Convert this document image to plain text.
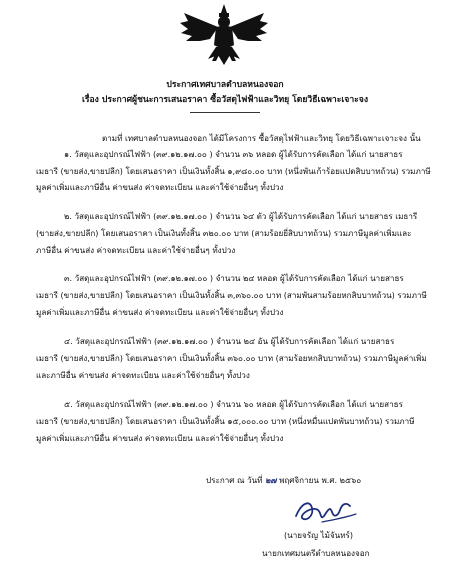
ประกาศเทศบาลตำบลหนองจอก
เรื่อง ประกาศผู้ชนะการเสนอราคา ซื้อวัสดุไฟฟ้าและวิทยุ โดยวิธีเฉพาะเจาะจง
ตามที่ เทศบาลตำบลหนองจอก ได้มีโครงการ ซื้อวัสดุไฟฟ้าและวิทยุ โดยวิธีเฉพาะเจาะจง นั้น
๑. วัสดุและอุปกรณ์ไฟฟ้า (๓๙.๑๒.๑๗.๐๐ ) จำนวน ๓๖ หลอด ผู้ได้รับการคัดเลือก ได้แก่ นายสาธร
เมธารี (ขายส่ง,ขายปลีก) โดยเสนอราคา เป็นเงินทั้งสิ้น ๑,๙๘๐.๐๐ บาท (หนึ่งพันเก้าร้อยแปดสิบบาทถ้วน) รวมภาษี
มูลค่าเพิ่มและภาษีอื่น ค่าขนส่ง ค่าจดทะเบียน และค่าใช้จ่ายอื่นๆ ทั้งปวง
๒. วัสดุและอุปกรณ์ไฟฟ้า (๓๙.๑๒.๑๗.๐๐ ) จำนวน ๖๔ ตัว ผู้ได้รับการคัดเลือก ได้แก่ นายสาธร เมธารี
(ขายส่ง,ขายปลีก) โดยเสนอราคา เป็นเงินทั้งสิ้น ๓๒๐.๐๐ บาท (สามร้อยยี่สิบบาทถ้วน) รวมภาษีมูลค่าเพิ่มและ
ภาษีอื่น ค่าขนส่ง ค่าจดทะเบียน และค่าใช้จ่ายอื่นๆ ทั้งปวง
๓. วัสดุและอุปกรณ์ไฟฟ้า (๓๙.๑๒.๑๗.๐๐ ) จำนวน ๒๔ หลอด ผู้ได้รับการคัดเลือก ได้แก่ นายสาธร
เมธารี (ขายส่ง,ขายปลีก) โดยเสนอราคา เป็นเงินทั้งสิ้น ๓,๓๖๐.๐๐ บาท (สามพันสามร้อยหกสิบบาทถ้วน) รวมภาษี
มูลค่าเพิ่มและภาษีอื่น ค่าขนส่ง ค่าจดทะเบียน และค่าใช้จ่ายอื่นๆ ทั้งปวง
๔. วัสดุและอุปกรณ์ไฟฟ้า (๓๙.๑๒.๑๗.๐๐ ) จำนวน ๒๔ อัน ผู้ได้รับการคัดเลือก ได้แก่ นายสาธร
เมธารี (ขายส่ง,ขายปลีก) โดยเสนอราคา เป็นเงินทั้งสิ้น ๓๖๐.๐๐ บาท (สามร้อยหกสิบบาทถ้วน) รวมภาษีมูลค่าเพิ่ม
และภาษีอื่น ค่าขนส่ง ค่าจดทะเบียน และค่าใช้จ่ายอื่นๆ ทั้งปวง
๕. วัสดุและอุปกรณ์ไฟฟ้า (๓๙.๑๒.๑๗.๐๐ ) จำนวน ๖๐ หลอด ผู้ได้รับการคัดเลือก ได้แก่ นายสาธร
เมธารี (ขายส่ง,ขายปลีก) โดยเสนอราคา เป็นเงินทั้งสิ้น ๑๕,๐๐๐.๐๐ บาท (หนึ่งหมื่นแปดพันบาทถ้วน) รวมภาษี
มูลค่าเพิ่มและภาษีอื่น ค่าขนส่ง ค่าจดทะเบียน และค่าใช้จ่ายอื่นๆ ทั้งปวง
ประกาศ ณ วันที่ ๒๗ พฤศจิกายน พ.ศ. ๒๕๖๐
(นายจรัญ ไม้จันทร์)
นายกเทศมนตรีตำบลหนองจอก
